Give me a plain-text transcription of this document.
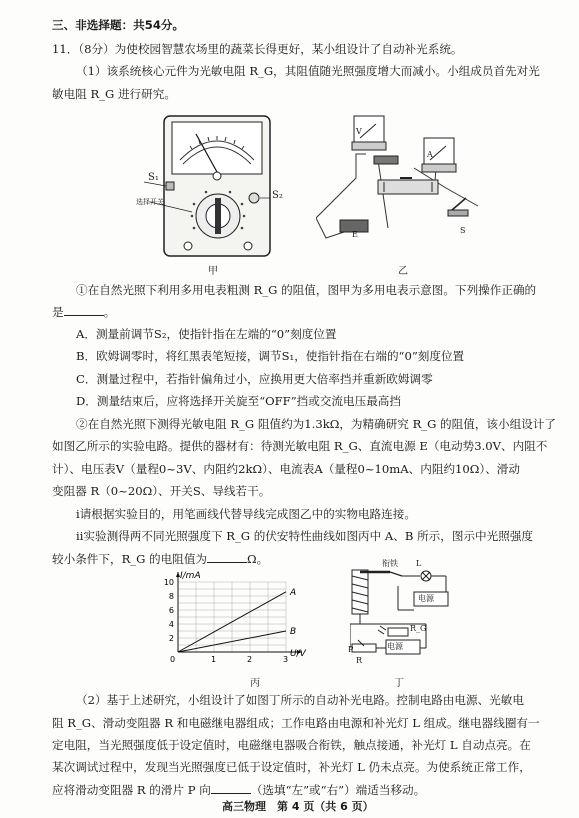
三、非选择题：共54分。
11．（8分）为使校园智慧农场里的蔬菜长得更好，某小组设计了自动补光系统。
（1）该系统核心元件为光敏电阻 R_G，其阻值随光照强度增大而减小。小组成员首先对光
敏电阻 R_G 进行研究。
S₁
S₂
选择开关
甲
V
A
E	S
乙
①在自然光照下利用多用电表粗测 R_G 的阻值，图甲为多用电表示意图。下列操作正确的
是	。
A．测量前调节S₂，使指针指在左端的“0”刻度位置
B．欧姆调零时，将红黑表笔短接，调节S₁，使指针指在右端的“0”刻度位置
C．测量过程中，若指针偏角过小，应换用更大倍率挡并重新欧姆调零
D．测量结束后，应将选择开关旋至“OFF”挡或交流电压最高挡
②在自然光照下测得光敏电阻 R_G 阻值约为1.3kΩ，为精确研究 R_G 的阻值，该小组设计了
如图乙所示的实验电路。提供的器材有：待测光敏电阻 R_G、直流电源 E（电动势3.0V、内阻不
计）、电压表V（量程0~3V、内阻约2kΩ）、电流表A（量程0~10mA、内阻约10Ω）、滑动
变阻器 R（0~20Ω）、开关S、导线若干。
ⅰ请根据实验目的，用笔画线代替导线完成图乙中的实物电路连接。
ⅱ实验测得两不同光照强度下 R_G 的伏安特性曲线如图丙中 A、B 所示，图示中光照强度
较小条件下，R_G 的电阻值为	Ω。
1	2	3
2
4
6
8
10
A
B
I/mA
U/V
0
丙
衔铁 L
电源
R_G
P	电源
R
丁
（2）基于上述研究，小组设计了如图丁所示的自动补光电路。控制电路由电源、光敏电
阻 R_G、滑动变阻器 R 和电磁继电器组成；工作电路由电源和补光灯 L 组成。继电器线圈有一
定电阻，当光照强度低于设定值时，电磁继电器吸合衔铁，触点接通，补光灯 L 自动点亮。在
某次调试过程中，发现当光照强度已低于设定值时，补光灯 L 仍未点亮。为使系统正常工作，
应将滑动变阻器 R 的滑片 P 向	（选填“左”或“右”）端适当移动。
高三物理　第 4 页（共 6 页）
